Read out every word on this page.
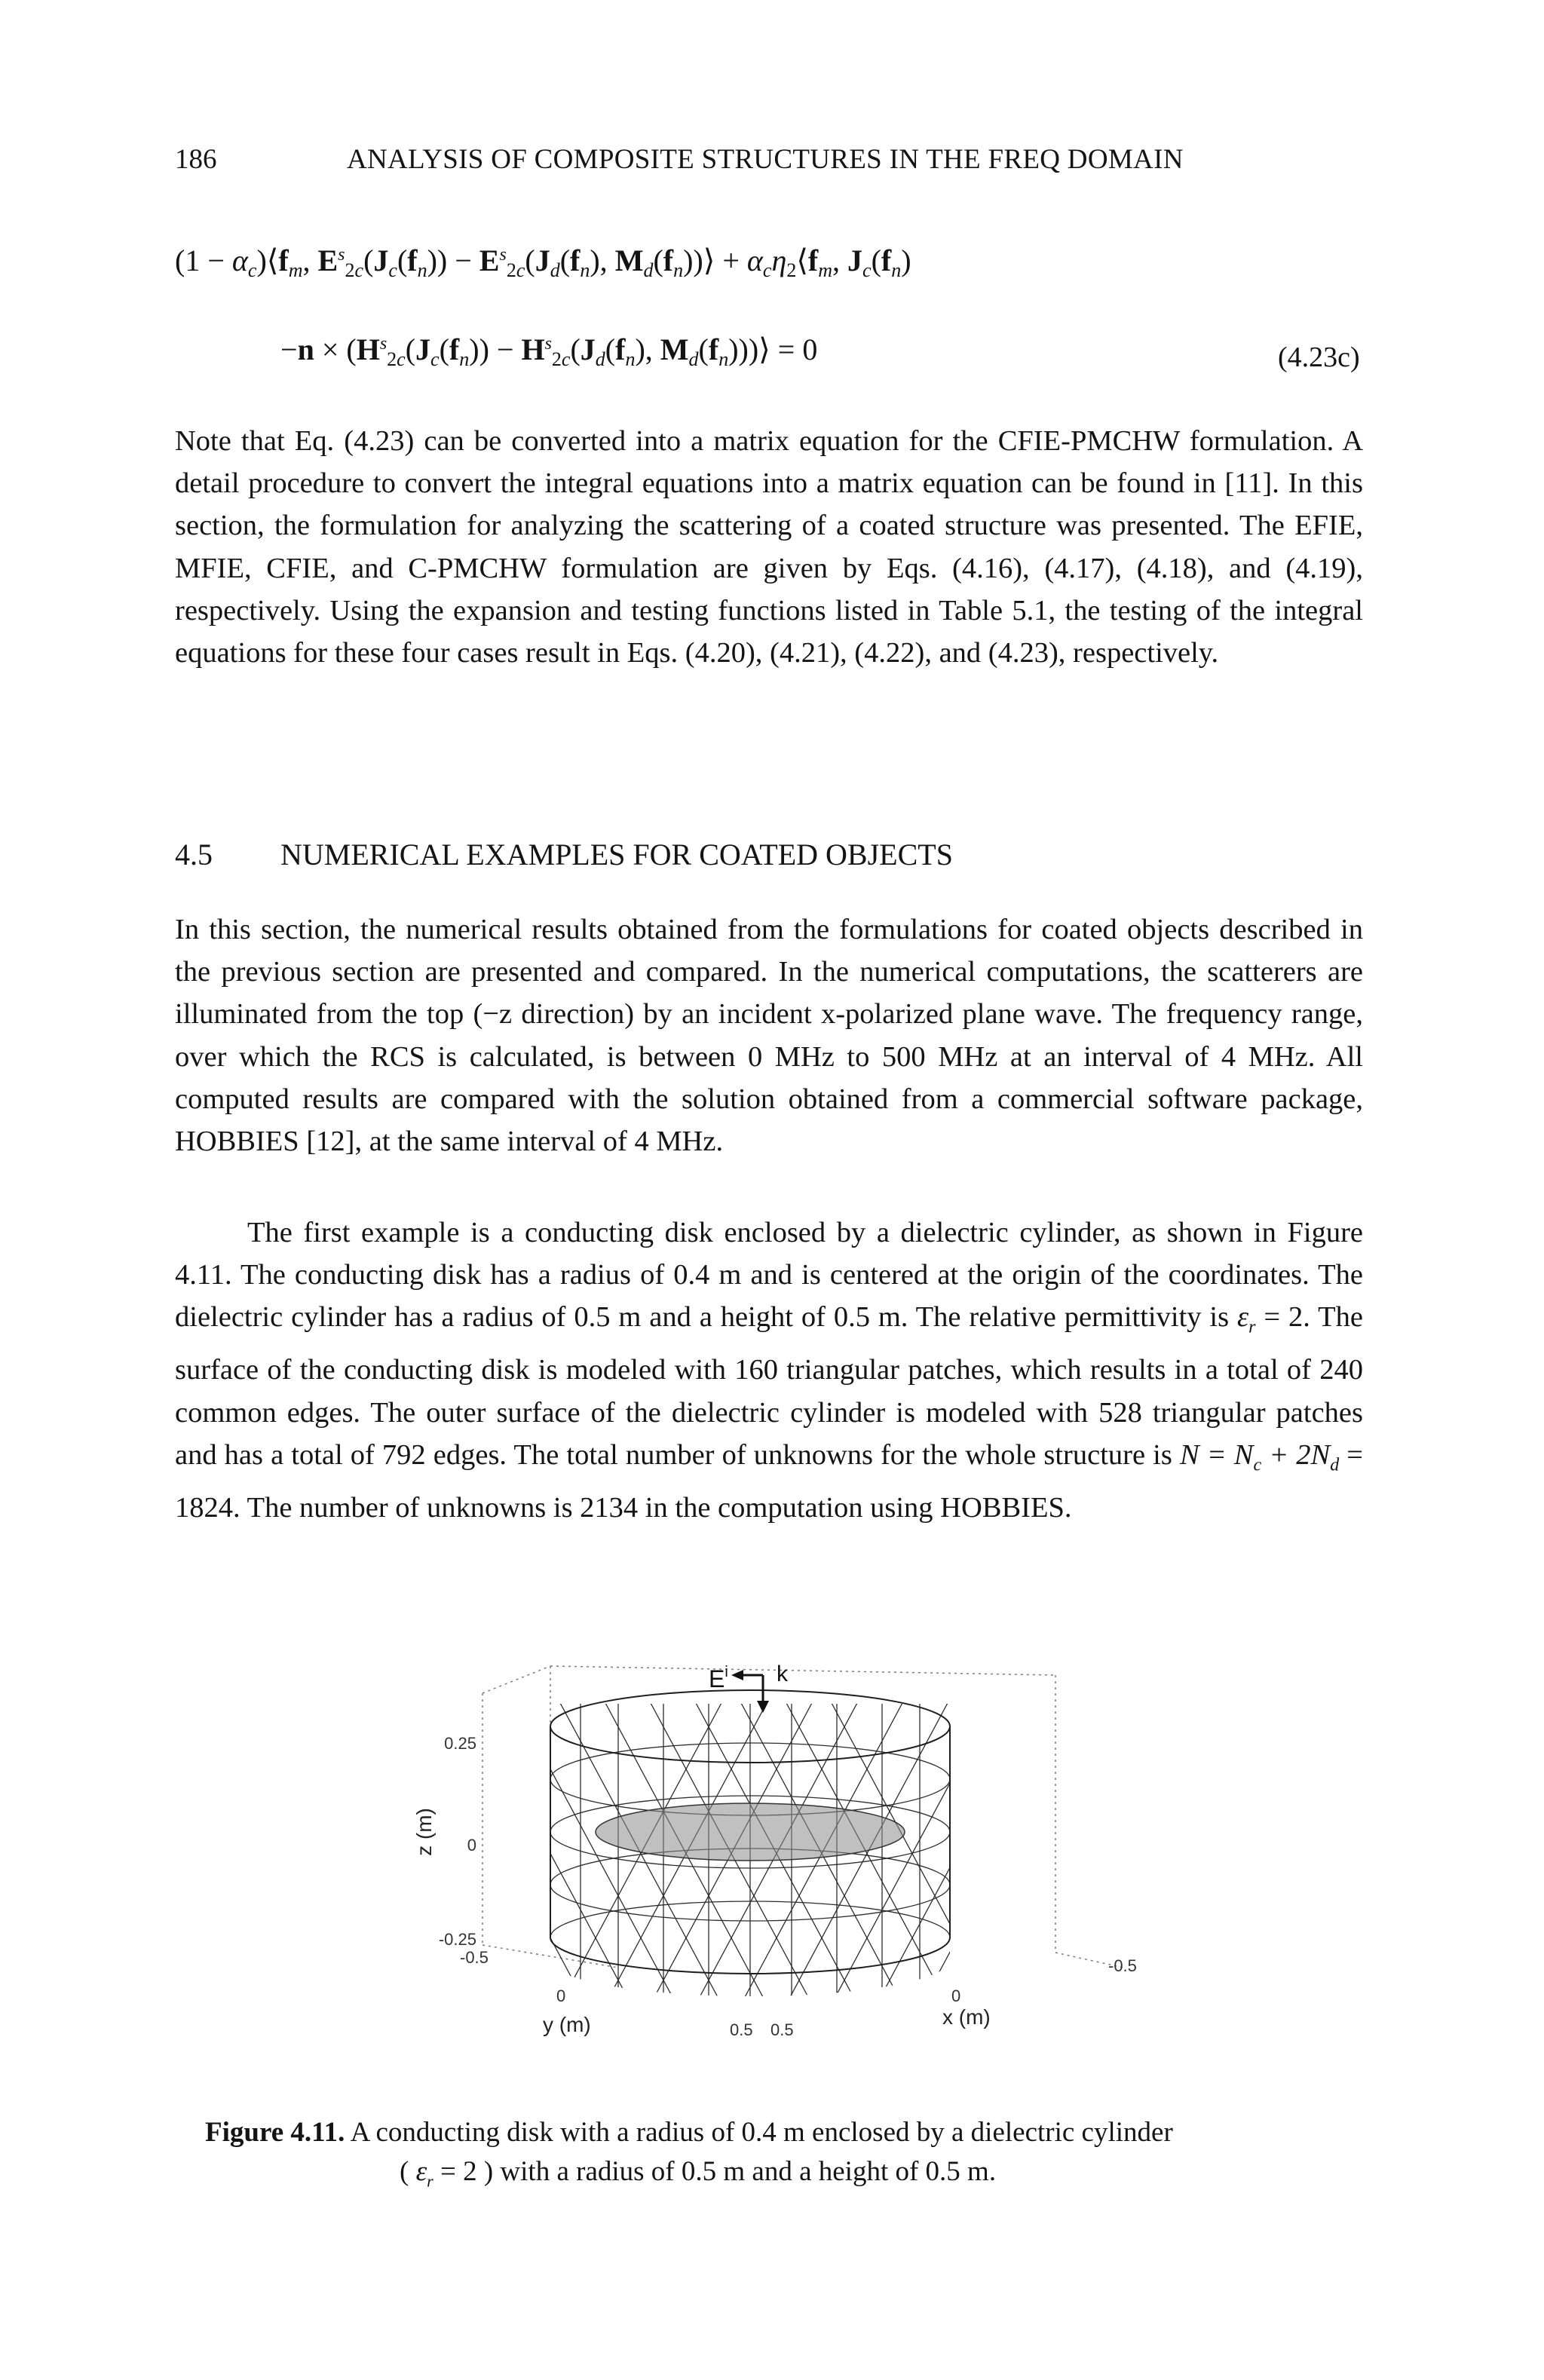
186	ANALYSIS OF COMPOSITE STRUCTURES IN THE FREQ DOMAIN
$(1 - \alpha_c)⟨f_m$, $E^s_{2c}(J_c(f_n)) - E^s_{2c}(J_d(f_n)$, $M_d(f_n))⟩$ + $\alpha_c\eta_2⟨f_m$, $J_c(f_n)$
$-n \times (H^s_{2c}(J_c(f_n)) - H^s_{2c}(J_d(f_n)$, $M_d(f_n)))⟩ = 0$	(4.23c)

Note that Eq. (4.23) can be converted into a matrix equation for the CFIE-PMCHW formulation. A detail procedure to convert the integral equations into a matrix equation can be found in [11]. In this section, the formulation for analyzing the scattering of a coated structure was presented. The EFIE, MFIE, CFIE, and C-PMCHW formulation are given by Eqs. (4.16), (4.17), (4.18), and (4.19), respectively. Using the expansion and testing functions listed in Table 5.1, the testing of the integral equations for these four cases result in Eqs. (4.20), (4.21), (4.22), and (4.23), respectively.

4.5 NUMERICAL EXAMPLES FOR COATED OBJECTS

In this section, the numerical results obtained from the formulations for coated objects described in the previous section are presented and compared. In the numerical computations, the scatterers are illuminated from the top (−z direction) by an incident x-polarized plane wave. The frequency range, over which the RCS is calculated, is between 0 MHz to 500 MHz at an interval of 4 MHz. All computed results are compared with the solution obtained from a commercial software package, HOBBIES [12], at the same interval of 4 MHz.

The first example is a conducting disk enclosed by a dielectric cylinder, as shown in Figure 4.11. The conducting disk has a radius of 0.4 m and is centered at the origin of the coordinates. The dielectric cylinder has a radius of 0.5 m and a height of 0.5 m. The relative permittivity is $\varepsilon_r = 2$. The surface of the conducting disk is modeled with 160 triangular patches, which results in a total of 240 common edges. The outer surface of the dielectric cylinder is modeled with 528 triangular patches and has a total of 792 edges. The total number of unknowns for the whole structure is $N = N_c + 2N_d = 1824$. The number of unknowns is 2134 in the computation using HOBBIES.

$E^i$ k
z (m)
0.25
0
-0.25
-0.5
0
0.5
y (m)
-0.5
0
0.5
x (m)
Figure 4.11. A conducting disk with a radius of 0.4 m enclosed by a dielectric cylinder
( $\varepsilon_r = 2$ ) with a radius of 0.5 m and a height of 0.5 m.
